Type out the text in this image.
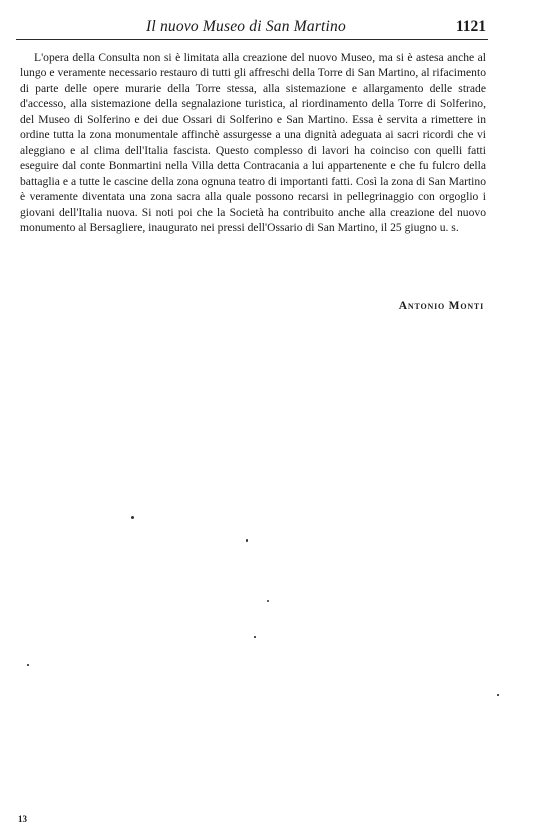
Il nuovo Museo di San Martino	1121

L'opera della Consulta non si è limitata alla creazione del nuovo Museo, ma si è astesa anche al lungo e veramente necessario restauro di tutti gli affreschi della Torre di San Martino, al rifacimento di parte delle opere murarie della Torre stessa, alla sistemazione e allargamento delle strade d'accesso, alla sistemazione della segnalazione turistica, al riordinamento della Torre di Solferino, del Museo di Solferino e dei due Ossari di Solferino e San Martino. Essa è servita a rimettere in ordine tutta la zona monumentale affinchè assurgesse a una dignità adeguata ai sacri ricordi che vi aleggiano e al clima dell'Italia fascista. Questo complesso di lavori ha coinciso con quelli fatti eseguire dal conte Bonmartini nella Villa detta Contracania a lui appartenente e che fu fulcro della battaglia e a tutte le cascine della zona ognuna teatro di importanti fatti. Così la zona di San Martino è veramente diventata una zona sacra alla quale possono recarsi in pellegrinaggio con orgoglio i giovani dell'Italia nuova. Si noti poi che la Società ha contribuito anche alla creazione del nuovo monumento al Bersagliere, inaugurato nei pressi dell'Ossario di San Martino, il 25 giugno u. s.

Antonio Monti
13
